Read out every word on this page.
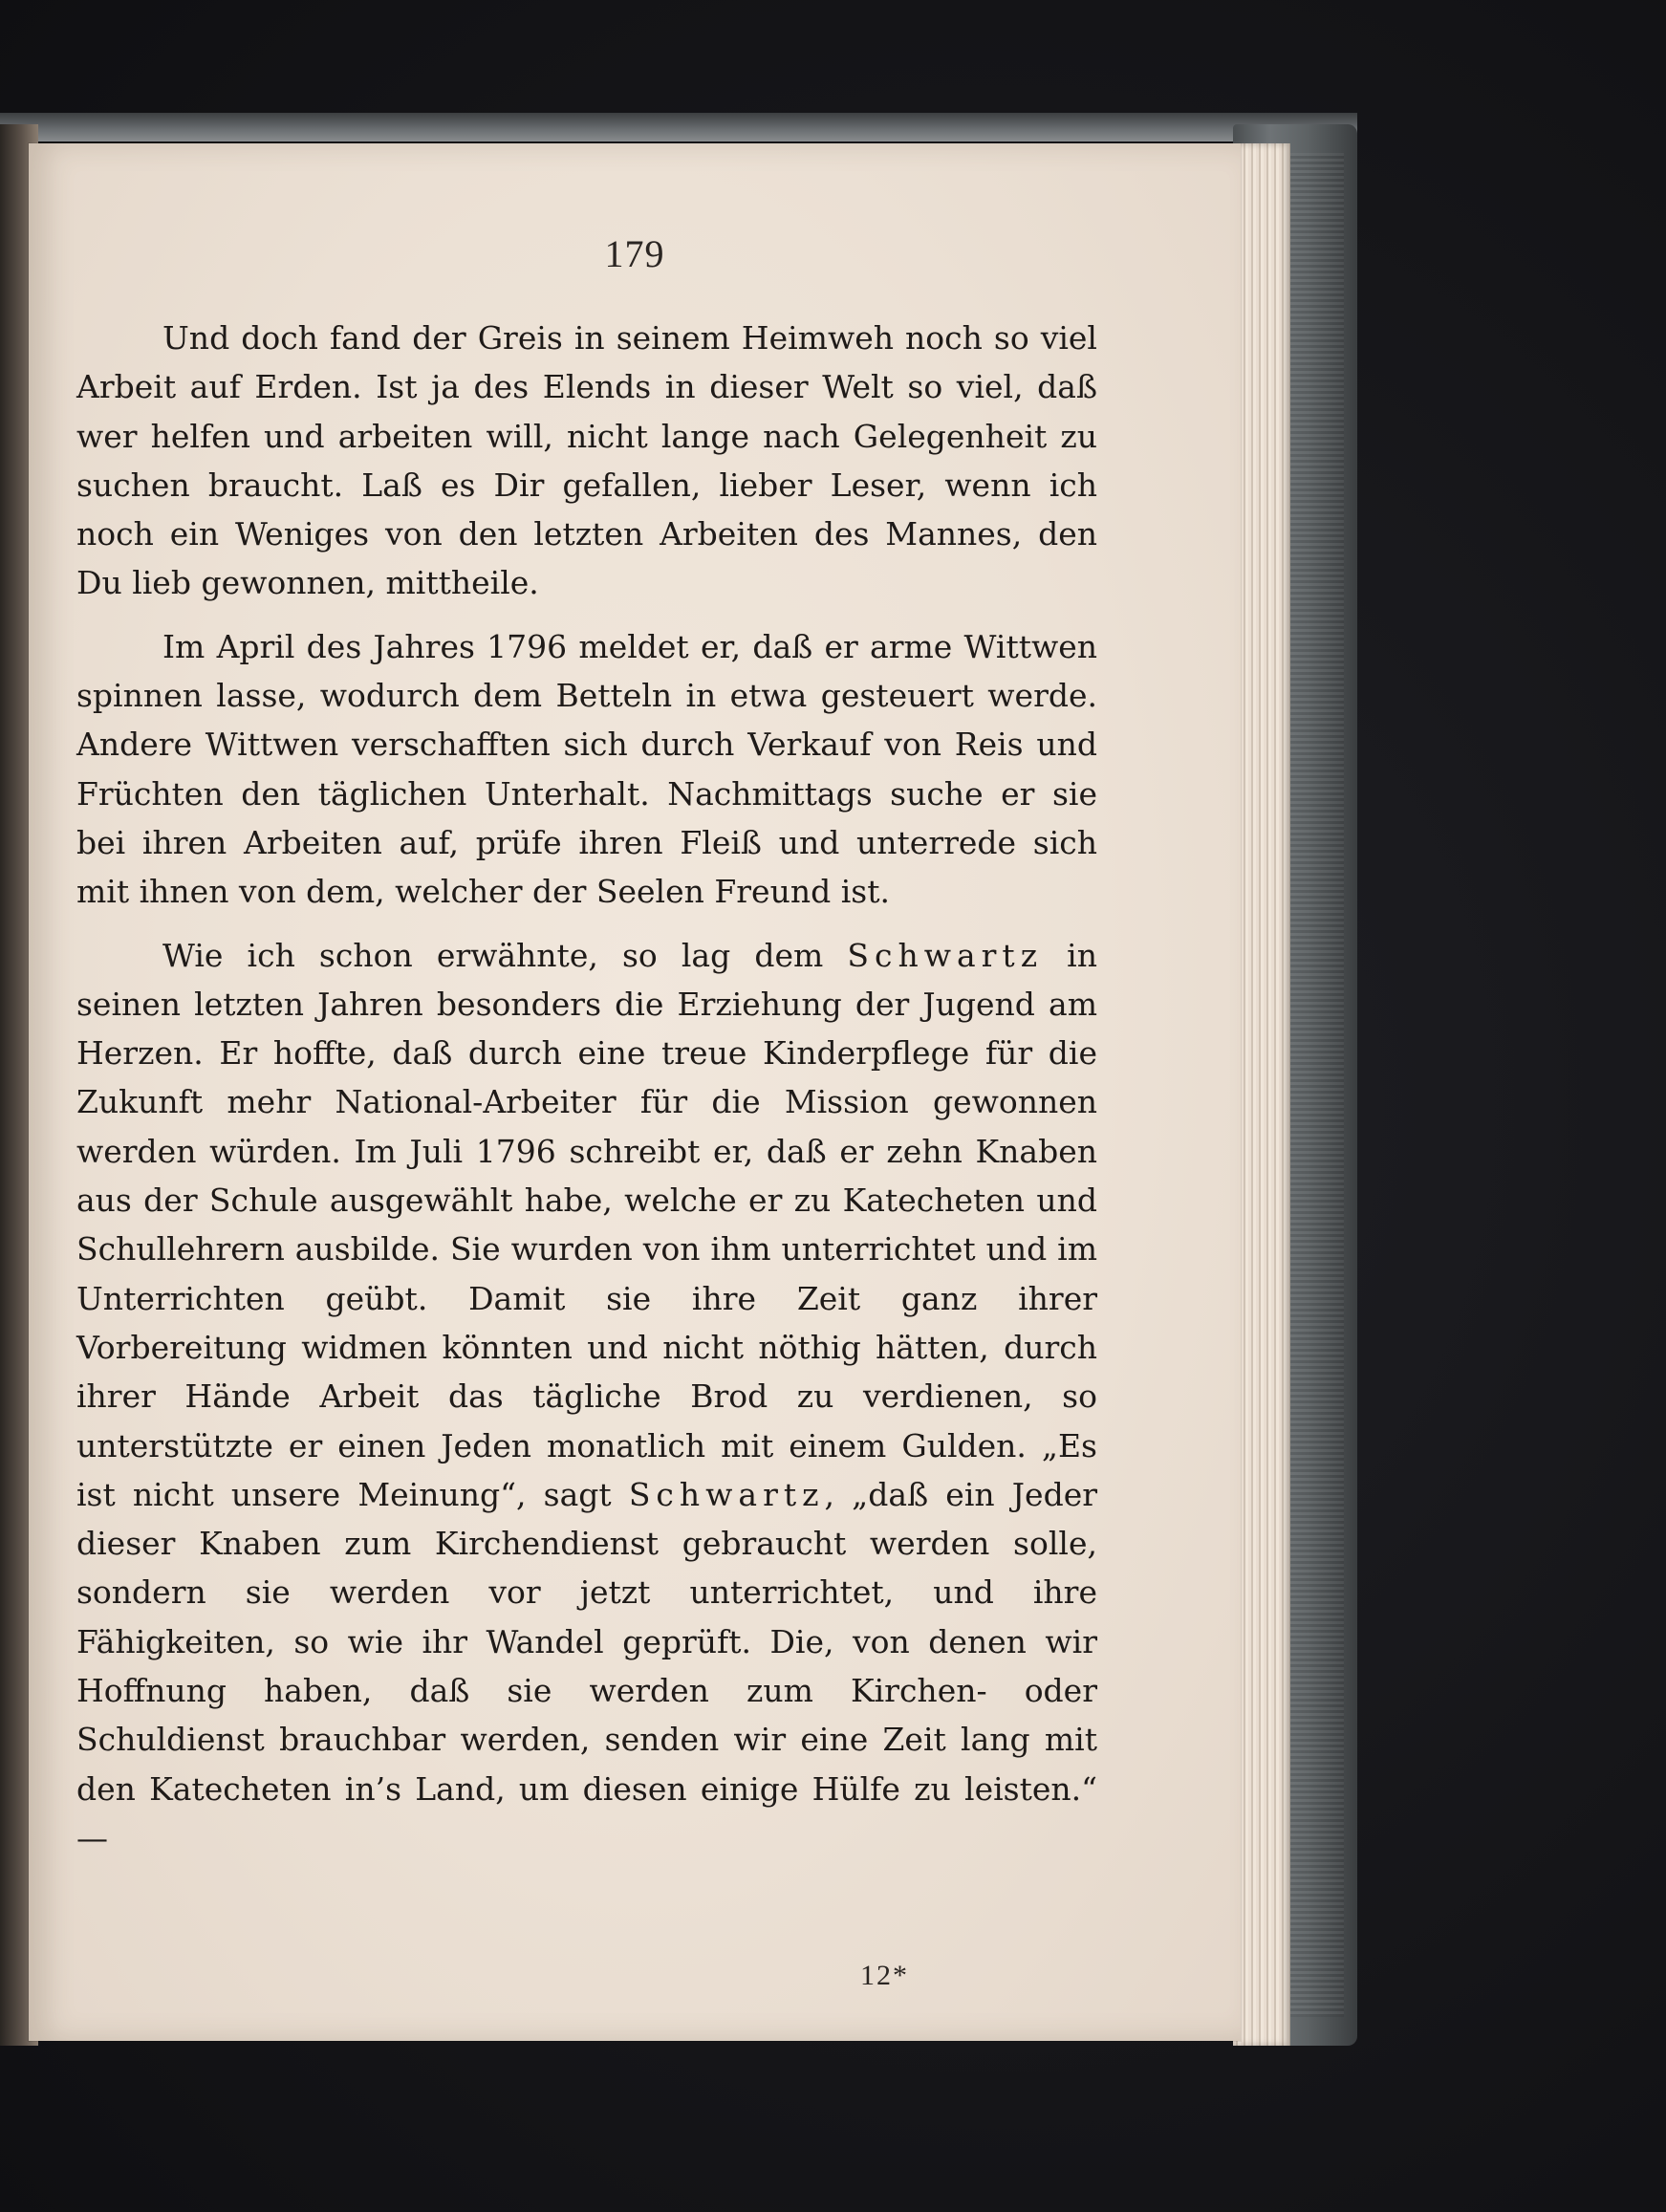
179

Und doch fand der Greis in seinem Heimweh noch so viel Arbeit auf Erden. Ist ja des Elends in dieser Welt so viel, daß wer helfen und arbeiten will, nicht lange nach Gelegenheit zu suchen braucht. Laß es Dir gefallen, lieber Leser, wenn ich noch ein Weniges von den letzten Arbeiten des Mannes, den Du lieb gewonnen, mittheile.

Im April des Jahres 1796 meldet er, daß er arme Wittwen spinnen lasse, wodurch dem Betteln in etwa gesteuert werde. Andere Wittwen verschafften sich durch Verkauf von Reis und Früchten den täglichen Unterhalt. Nachmittags suche er sie bei ihren Arbeiten auf, prüfe ihren Fleiß und unterrede sich mit ihnen von dem, welcher der Seelen Freund ist.

Wie ich schon erwähnte, so lag dem Schwartz in seinen letzten Jahren besonders die Erziehung der Jugend am Herzen. Er hoffte, daß durch eine treue Kinderpflege für die Zukunft mehr National-Arbeiter für die Mission gewonnen werden würden. Im Juli 1796 schreibt er, daß er zehn Knaben aus der Schule ausgewählt habe, welche er zu Katecheten und Schullehrern ausbilde. Sie wurden von ihm unterrichtet und im Unterrichten geübt. Damit sie ihre Zeit ganz ihrer Vorbereitung widmen könnten und nicht nöthig hätten, durch ihrer Hände Arbeit das tägliche Brod zu verdienen, so unterstützte er einen Jeden monatlich mit einem Gulden. „Es ist nicht unsere Meinung“, sagt Schwartz, „daß ein Jeder dieser Knaben zum Kirchendienst gebraucht werden solle, sondern sie werden vor jetzt unterrichtet, und ihre Fähigkeiten, so wie ihr Wandel geprüft. Die, von denen wir Hoffnung haben, daß sie werden zum Kirchen- oder Schuldienst brauchbar werden, senden wir eine Zeit lang mit den Katecheten in’s Land, um diesen einige Hülfe zu leisten.“ —

12*
